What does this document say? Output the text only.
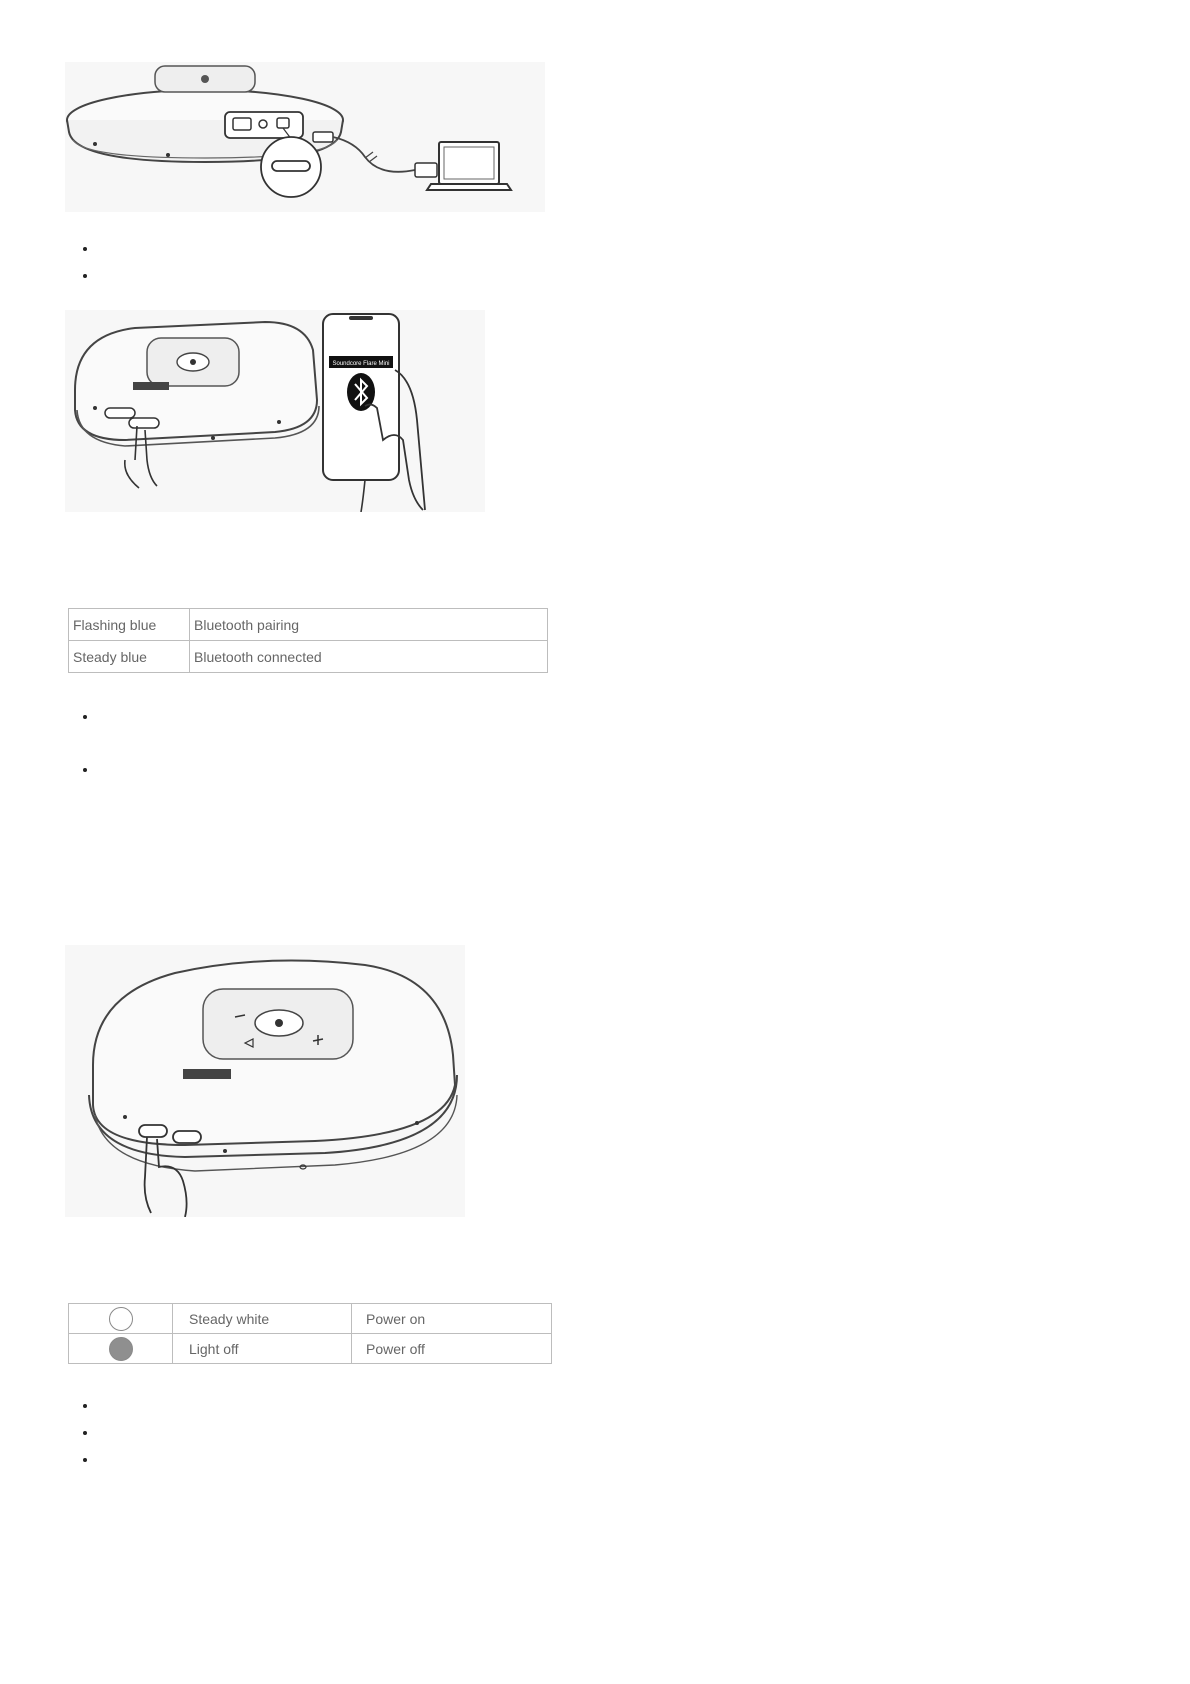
Soundcore Flare Mini
Flashing blue	Bluetooth pairing
Steady blue	Bluetooth connected
	Steady white	Power on
	Light off	Power off
